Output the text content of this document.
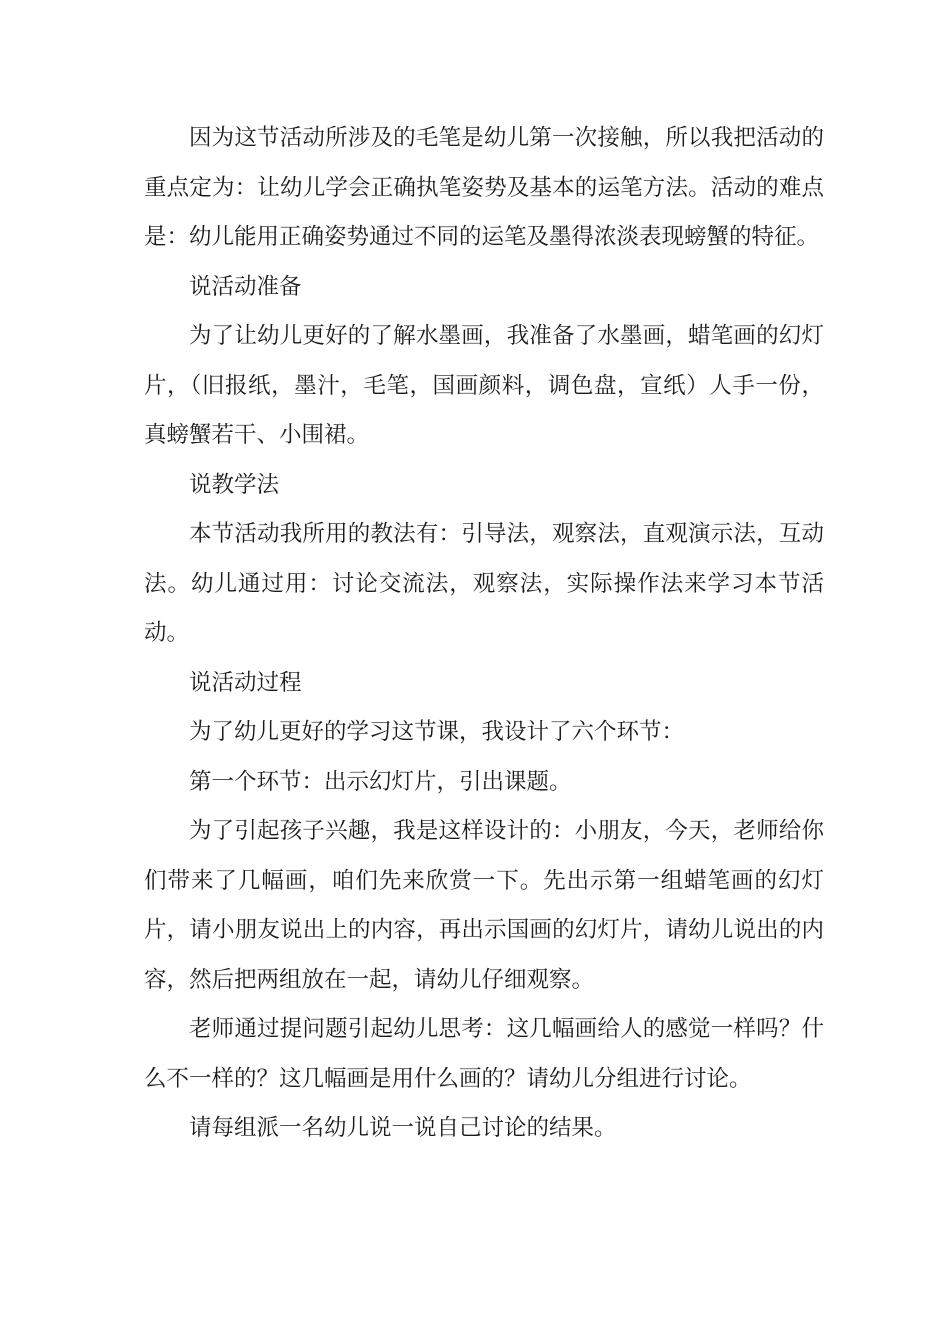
因为这节活动所涉及的毛笔是幼儿第一次接触，所以我把活动的重点定为：让幼儿学会正确执笔姿势及基本的运笔方法。活动的难点是：幼儿能用正确姿势通过不同的运笔及墨得浓淡表现螃蟹的特征。

说活动准备

为了让幼儿更好的了解水墨画，我准备了水墨画，蜡笔画的幻灯片，（旧报纸，墨汁，毛笔，国画颜料，调色盘，宣纸）人手一份，真螃蟹若干、小围裙。

说教学法

本节活动我所用的教法有：引导法，观察法，直观演示法，互动法。幼儿通过用：讨论交流法，观察法，实际操作法来学习本节活动。

说活动过程

为了幼儿更好的学习这节课，我设计了六个环节：

第一个环节：出示幻灯片，引出课题。

为了引起孩子兴趣，我是这样设计的：小朋友，今天，老师给你们带来了几幅画，咱们先来欣赏一下。先出示第一组蜡笔画的幻灯片，请小朋友说出上的内容，再出示国画的幻灯片，请幼儿说出的内容，然后把两组放在一起，请幼儿仔细观察。

老师通过提问题引起幼儿思考：这几幅画给人的感觉一样吗？什么不一样的？这几幅画是用什么画的？请幼儿分组进行讨论。

请每组派一名幼儿说一说自己讨论的结果。
